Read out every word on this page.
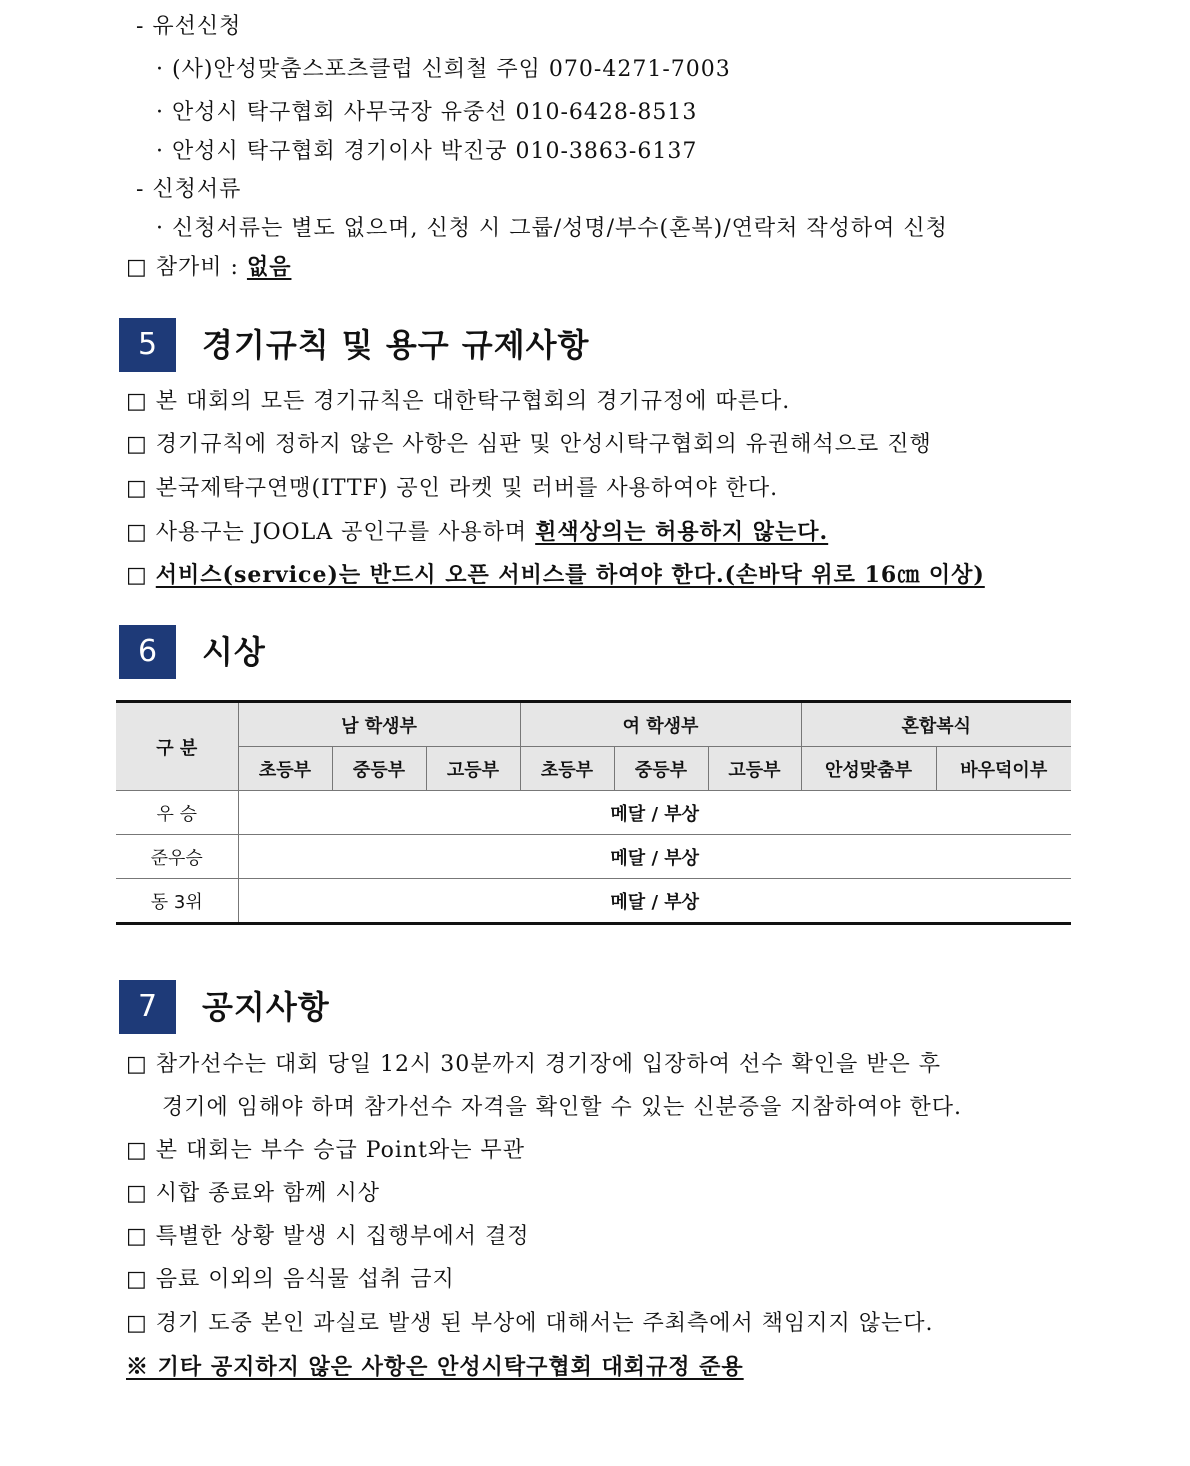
- 유선신청
· (사)안성맞춤스포츠클럽 신희철 주임 070-4271-7003
· 안성시 탁구협회 사무국장 유중선 010-6428-8513
· 안성시 탁구협회 경기이사 박진궁 010-3863-6137
- 신청서류
· 신청서류는 별도 없으며, 신청 시 그룹/성명/부수(혼복)/연락처 작성하여 신청
□ 참가비 : 없음
5	경기규칙 및 용구 규제사항
□ 본 대회의 모든 경기규칙은 대한탁구협회의 경기규정에 따른다.
□ 경기규칙에 정하지 않은 사항은 심판 및 안성시탁구협회의 유권해석으로 진행
□ 본국제탁구연맹(ITTF) 공인 라켓 및 러버를 사용하여야 한다.
□ 사용구는 JOOLA 공인구를 사용하며 흰색상의는 허용하지 않는다.
□ 서비스(service)는 반드시 오픈 서비스를 하여야 한다.(손바닥 위로 16㎝ 이상)
6	시상
구 분	남 학생부			여 학생부			혼합복식	
	초등부	중등부	고등부	초등부	중등부	고등부	안성맞춤부	바우덕이부
우 승	메달 / 부상							
준우승	메달 / 부상							
동 3위	메달 / 부상							
7	공지사항
□ 참가선수는 대회 당일 12시 30분까지 경기장에 입장하여 선수 확인을 받은 후
경기에 임해야 하며 참가선수 자격을 확인할 수 있는 신분증을 지참하여야 한다.
□ 본 대회는 부수 승급 Point와는 무관
□ 시합 종료와 함께 시상
□ 특별한 상황 발생 시 집행부에서 결정
□ 음료 이외의 음식물 섭취 금지
□ 경기 도중 본인 과실로 발생 된 부상에 대해서는 주최측에서 책임지지 않는다.
※ 기타 공지하지 않은 사항은 안성시탁구협회 대회규정 준용
